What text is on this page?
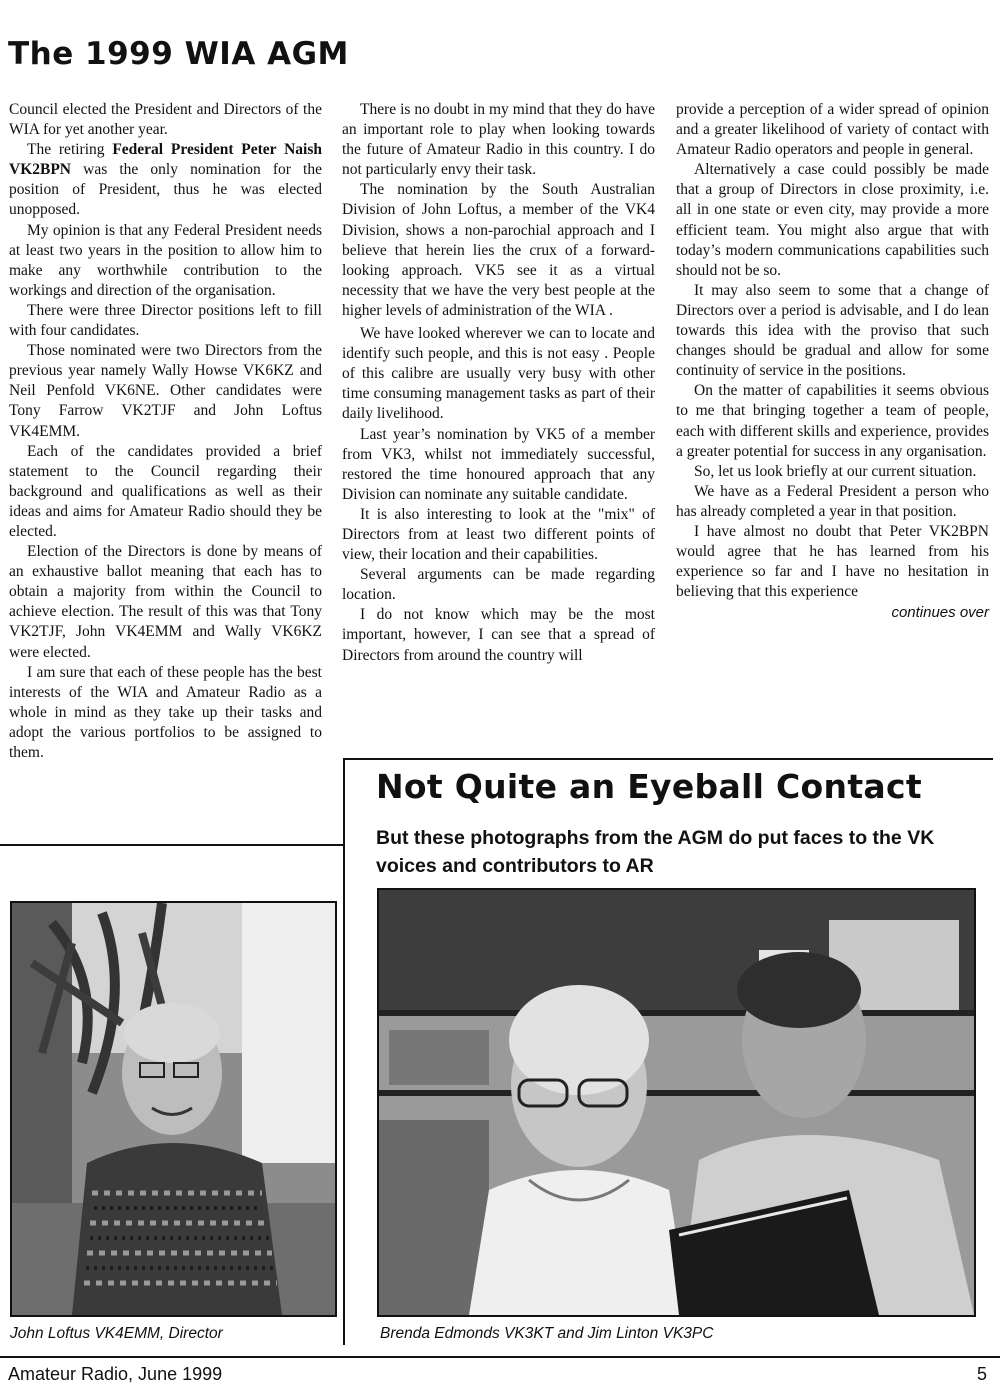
The 1999 WIA AGM

Council elected the President and Directors of the WIA for yet another year.

The retiring Federal President Peter Naish VK2BPN was the only nomination for the position of President, thus he was elected unopposed.

My opinion is that any Federal President needs at least two years in the position to allow him to make any worthwhile contribution to the workings and direction of the organisation.

There were three Director positions left to fill with four candidates.

Those nominated were two Directors from the previous year namely Wally Howse VK6KZ and Neil Penfold VK6NE. Other candidates were Tony Farrow VK2TJF and John Loftus VK4EMM.

Each of the candidates provided a brief statement to the Council regarding their background and qualifications as well as their ideas and aims for Amateur Radio should they be elected.

Election of the Directors is done by means of an exhaustive ballot meaning that each has to obtain a majority from within the Council to achieve election. The result of this was that Tony VK2TJF, John VK4EMM and Wally VK6KZ were elected.

I am sure that each of these people has the best interests of the WIA and Amateur Radio as a whole in mind as they take up their tasks and adopt the various portfolios to be assigned to them.

There is no doubt in my mind that they do have an important role to play when looking towards the future of Amateur Radio in this country. I do not particularly envy their task.

The nomination by the South Australian Division of John Loftus, a member of the VK4 Division, shows a non-parochial approach and I believe that herein lies the crux of a forward-looking approach. VK5 see it as a virtual necessity that we have the very best people at the higher levels of administration of the WIA .

We have looked wherever we can to locate and identify such people, and this is not easy . People of this calibre are usually very busy with other time consuming management tasks as part of their daily livelihood.

Last year’s nomination by VK5 of a member from VK3, whilst not immediately successful, restored the time honoured approach that any Division can nominate any suitable candidate.

It is also interesting to look at the "mix" of Directors from at least two different points of view, their location and their capabilities.

Several arguments can be made regarding location.

I do not know which may be the most important, however, I can see that a spread of Directors from around the country will

provide a perception of a wider spread of opinion and a greater likelihood of variety of contact with Amateur Radio operators and people in general.

Alternatively a case could possibly be made that a group of Directors in close proximity, i.e. all in one state or even city, may provide a more efficient team. You might also argue that with today’s modern communications capabilities such should not be so.

It may also seem to some that a change of Directors over a period is advisable, and I do lean towards this idea with the proviso that such changes should be gradual and allow for some continuity of service in the positions.

On the matter of capabilities it seems obvious to me that bringing together a team of people, each with different skills and experience, provides a greater potential for success in any organisation.

So, let us look briefly at our current situation.

We have as a Federal President a person who has already completed a year in that position.

I have almost no doubt that Peter VK2BPN would agree that he has learned from his experience so far and I have no hesitation in believing that this experience

continues over

Not Quite an Eyeball Contact

But these photographs from the AGM do put faces to the VK voices and contributors to AR

John Loftus VK4EMM, Director	Brenda Edmonds VK3KT and Jim Linton VK3PC

Amateur Radio, June 1999	5
